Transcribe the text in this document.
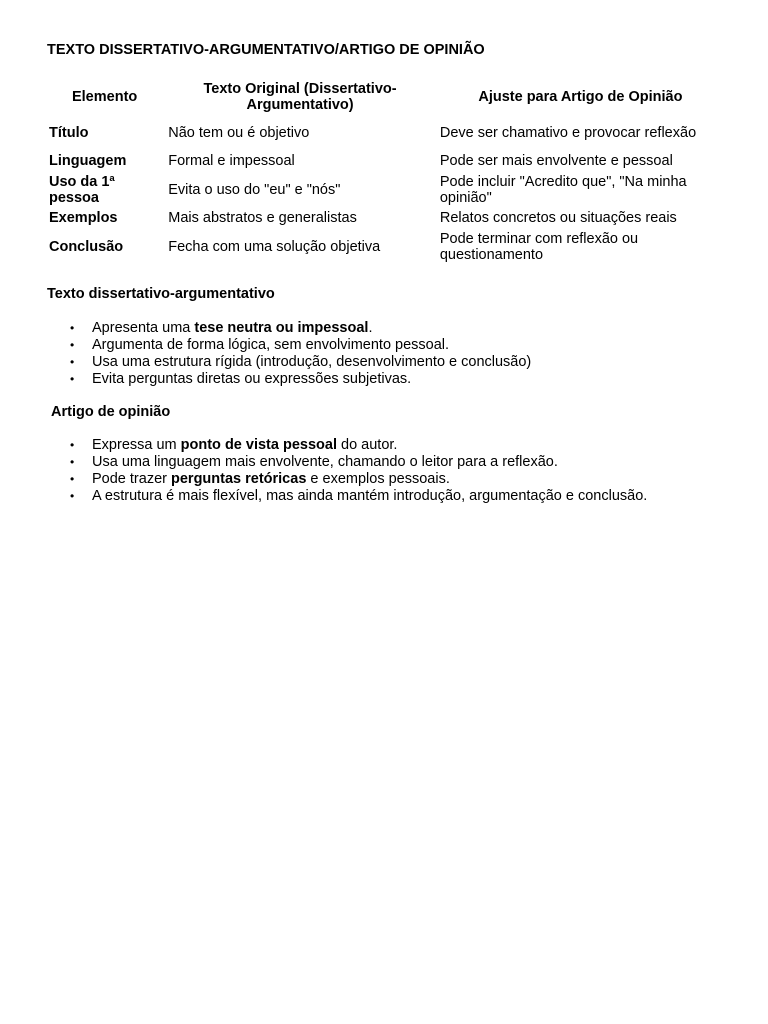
TEXTO DISSERTATIVO-ARGUMENTATIVO/ARTIGO DE OPINIÃO
Elemento	Texto Original (Dissertativo-Argumentativo)	Ajuste para Artigo de Opinião
Título	Não tem ou é objetivo	Deve ser chamativo e provocar reflexão
Linguagem	Formal e impessoal	Pode ser mais envolvente e pessoal
Uso da 1ª pessoa	Evita o uso do "eu" e "nós"	Pode incluir "Acredito que", "Na minha opinião"
Exemplos	Mais abstratos e generalistas	Relatos concretos ou situações reais
Conclusão	Fecha com uma solução objetiva	Pode terminar com reflexão ou questionamento
Texto dissertativo-argumentativo
• Apresenta uma tese neutra ou impessoal.
• Argumenta de forma lógica, sem envolvimento pessoal.
• Usa uma estrutura rígida (introdução, desenvolvimento e conclusão)
• Evita perguntas diretas ou expressões subjetivas.
Artigo de opinião
• Expressa um ponto de vista pessoal do autor.
• Usa uma linguagem mais envolvente, chamando o leitor para a reflexão.
• Pode trazer perguntas retóricas e exemplos pessoais.
• A estrutura é mais flexível, mas ainda mantém introdução, argumentação e conclusão.
